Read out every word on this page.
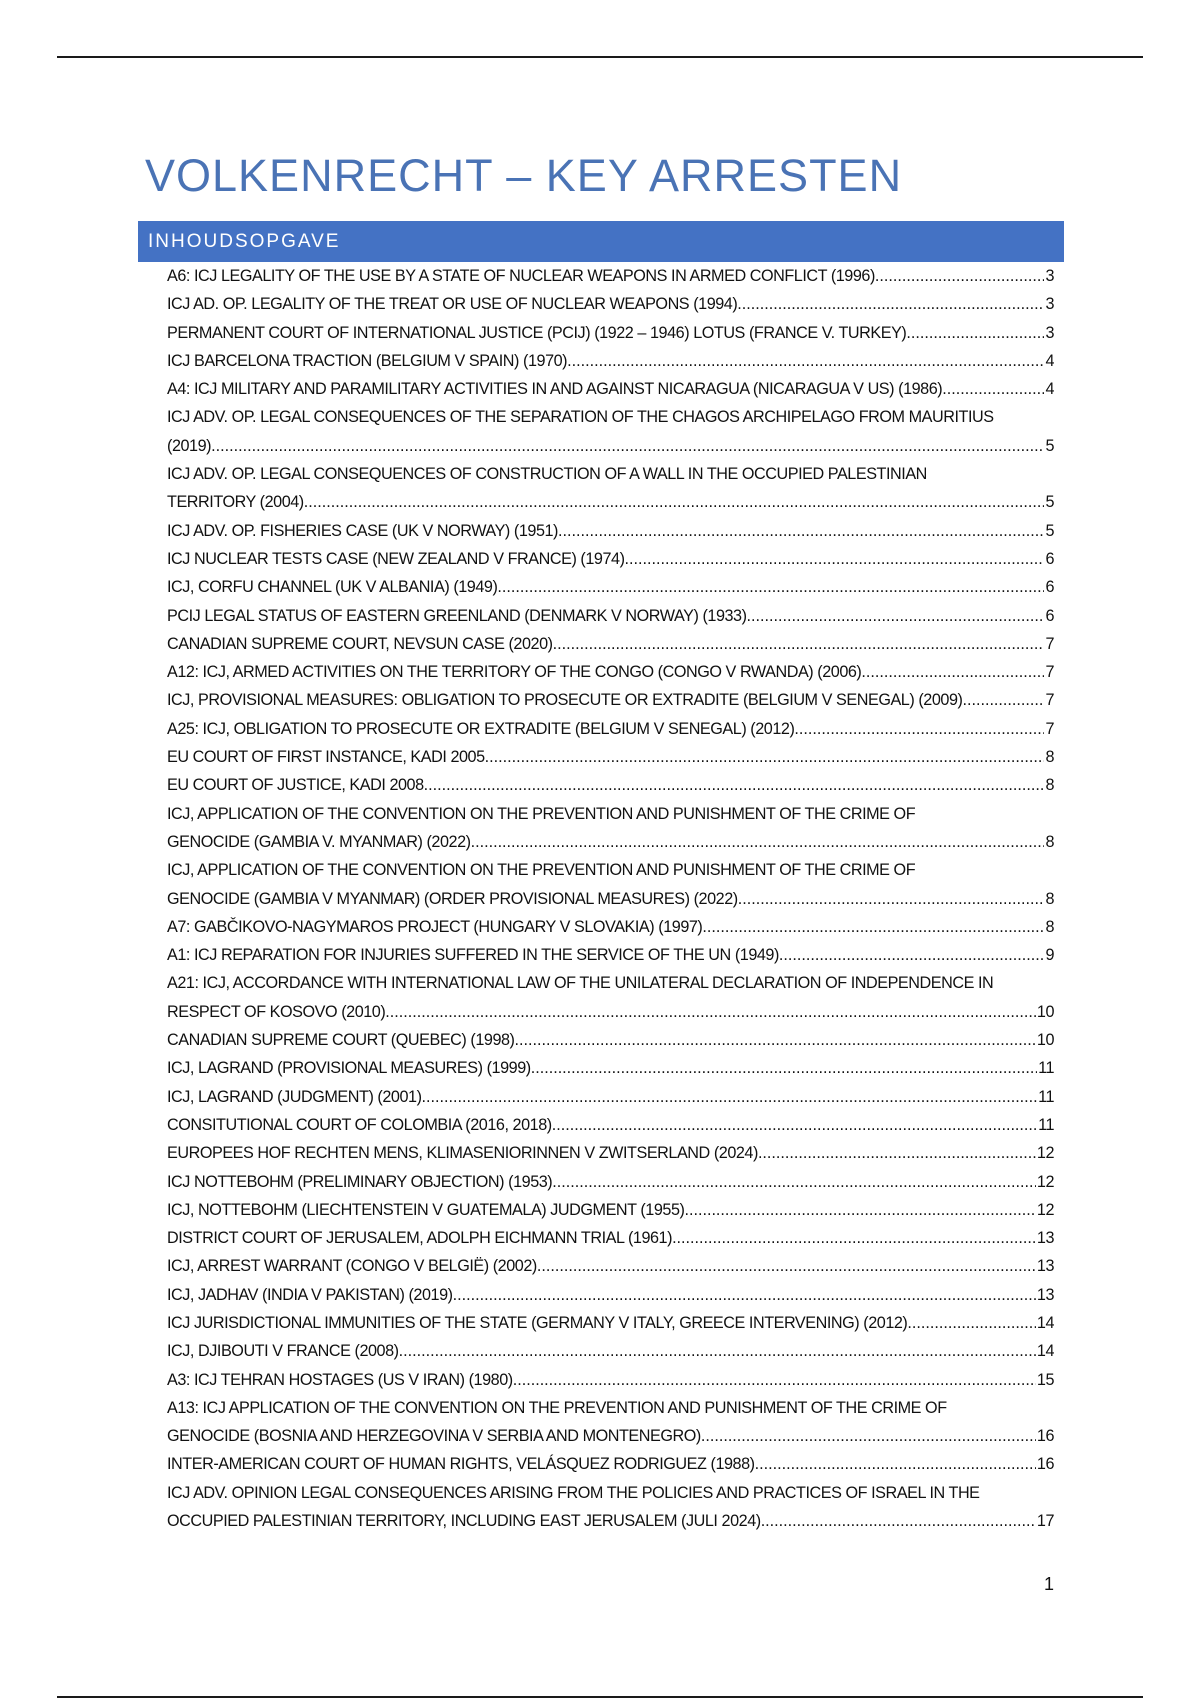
VOLKENRECHT – KEY ARRESTEN
INHOUDSOPGAVE
A6: ICJ LEGALITY OF THE USE BY A STATE OF NUCLEAR WEAPONS IN ARMED CONFLICT (1996) .....	3
ICJ AD. OP. LEGALITY OF THE TREAT OR USE OF NUCLEAR WEAPONS (1994) .....	3
PERMANENT COURT OF INTERNATIONAL JUSTICE (PCIJ) (1922 – 1946) LOTUS (FRANCE V. TURKEY) .....	3
ICJ BARCELONA TRACTION (BELGIUM V SPAIN) (1970) .....	4
A4: ICJ MILITARY AND PARAMILITARY ACTIVITIES IN AND AGAINST NICARAGUA (NICARAGUA V US) (1986) .....	4
ICJ ADV. OP. LEGAL CONSEQUENCES OF THE SEPARATION OF THE CHAGOS ARCHIPELAGO FROM MAURITIUS
(2019) .....	5
ICJ ADV. OP. LEGAL CONSEQUENCES OF CONSTRUCTION OF A WALL IN THE OCCUPIED PALESTINIAN
TERRITORY (2004) .....	5
ICJ ADV. OP. FISHERIES CASE (UK V NORWAY) (1951) .....	5
ICJ NUCLEAR TESTS CASE (NEW ZEALAND V FRANCE) (1974) .....	6
ICJ, CORFU CHANNEL (UK V ALBANIA) (1949) .....	6
PCIJ LEGAL STATUS OF EASTERN GREENLAND (DENMARK V NORWAY) (1933) .....	6
CANADIAN SUPREME COURT, NEVSUN CASE (2020) .....	7
A12: ICJ, ARMED ACTIVITIES ON THE TERRITORY OF THE CONGO (CONGO V RWANDA) (2006) .....	7
ICJ, PROVISIONAL MEASURES: OBLIGATION TO PROSECUTE OR EXTRADITE (BELGIUM V SENEGAL) (2009) .....	7
A25: ICJ, OBLIGATION TO PROSECUTE OR EXTRADITE (BELGIUM V SENEGAL) (2012) .....	7
EU COURT OF FIRST INSTANCE, KADI 2005 .....	8
EU COURT OF JUSTICE, KADI 2008 .....	8
ICJ, APPLICATION OF THE CONVENTION ON THE PREVENTION AND PUNISHMENT OF THE CRIME OF
GENOCIDE (GAMBIA V. MYANMAR) (2022) .....	8
ICJ, APPLICATION OF THE CONVENTION ON THE PREVENTION AND PUNISHMENT OF THE CRIME OF
GENOCIDE (GAMBIA V MYANMAR) (ORDER PROVISIONAL MEASURES) (2022) .....	8
A7: GABČIKOVO-NAGYMAROS PROJECT (HUNGARY V SLOVAKIA) (1997) .....	8
A1: ICJ REPARATION FOR INJURIES SUFFERED IN THE SERVICE OF THE UN (1949) .....	9
A21: ICJ, ACCORDANCE WITH INTERNATIONAL LAW OF THE UNILATERAL DECLARATION OF INDEPENDENCE IN
RESPECT OF KOSOVO (2010) .....	10
CANADIAN SUPREME COURT (QUEBEC) (1998) .....	10
ICJ, LAGRAND (PROVISIONAL MEASURES) (1999) .....	11
ICJ, LAGRAND (JUDGMENT) (2001) .....	11
CONSITUTIONAL COURT OF COLOMBIA (2016, 2018) .....	11
EUROPEES HOF RECHTEN MENS, KLIMASENIORINNEN V ZWITSERLAND (2024) .....	12
ICJ NOTTEBOHM (PRELIMINARY OBJECTION) (1953) .....	12
ICJ, NOTTEBOHM (LIECHTENSTEIN V GUATEMALA) JUDGMENT (1955) .....	12
DISTRICT COURT OF JERUSALEM, ADOLPH EICHMANN TRIAL (1961) .....	13
ICJ, ARREST WARRANT (CONGO V BELGIË) (2002) .....	13
ICJ, JADHAV (INDIA V PAKISTAN) (2019) .....	13
ICJ JURISDICTIONAL IMMUNITIES OF THE STATE (GERMANY V ITALY, GREECE INTERVENING) (2012) .....	14
ICJ, DJIBOUTI V FRANCE (2008) .....	14
A3: ICJ TEHRAN HOSTAGES (US V IRAN) (1980) .....	15
A13: ICJ APPLICATION OF THE CONVENTION ON THE PREVENTION AND PUNISHMENT OF THE CRIME OF
GENOCIDE (BOSNIA AND HERZEGOVINA V SERBIA AND MONTENEGRO) .....	16
INTER-AMERICAN COURT OF HUMAN RIGHTS, VELÁSQUEZ RODRIGUEZ (1988) .....	16
ICJ ADV. OPINION LEGAL CONSEQUENCES ARISING FROM THE POLICIES AND PRACTICES OF ISRAEL IN THE
OCCUPIED PALESTINIAN TERRITORY, INCLUDING EAST JERUSALEM (JULI 2024) .....	17
1
